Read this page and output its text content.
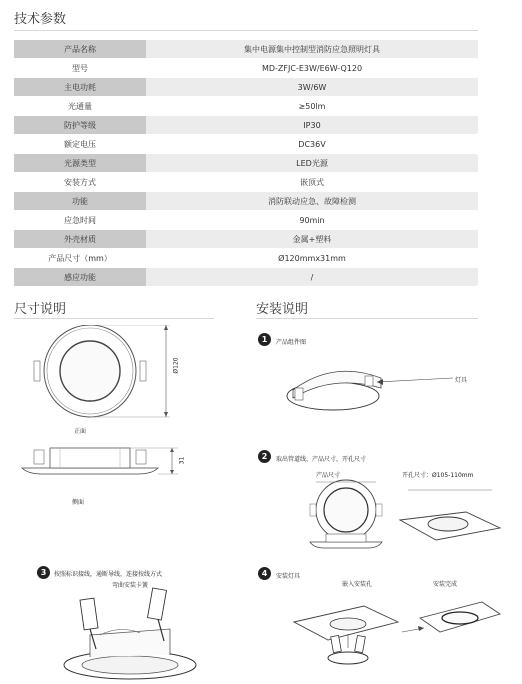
技术参数
产品名称	集中电源集中控制型消防应急照明灯具
型号	MD-ZFJC-E3W/E6W-Q120
主电功耗	3W/6W
光通量	≥50lm
防护等级	IP30
额定电压	DC36V
光源类型	LED光源
安装方式	嵌顶式
功能	消防联动应急、故障检测
应急时间	90min
外壳材质	金属+塑料
产品尺寸（mm）	Ø120mmx31mm
感应功能	/
尺寸说明
Ø120
正面
31
侧面
3	按照标识接线，通断导线，连接按线方式
弯曲安装卡簧
安装说明
1	产品组件图
灯具
2	取出管道线、产品尺寸，开孔尺寸
产品尺寸	开孔尺寸：Ø105-110mm
4	安装灯具
嵌入安装孔	安装完成
